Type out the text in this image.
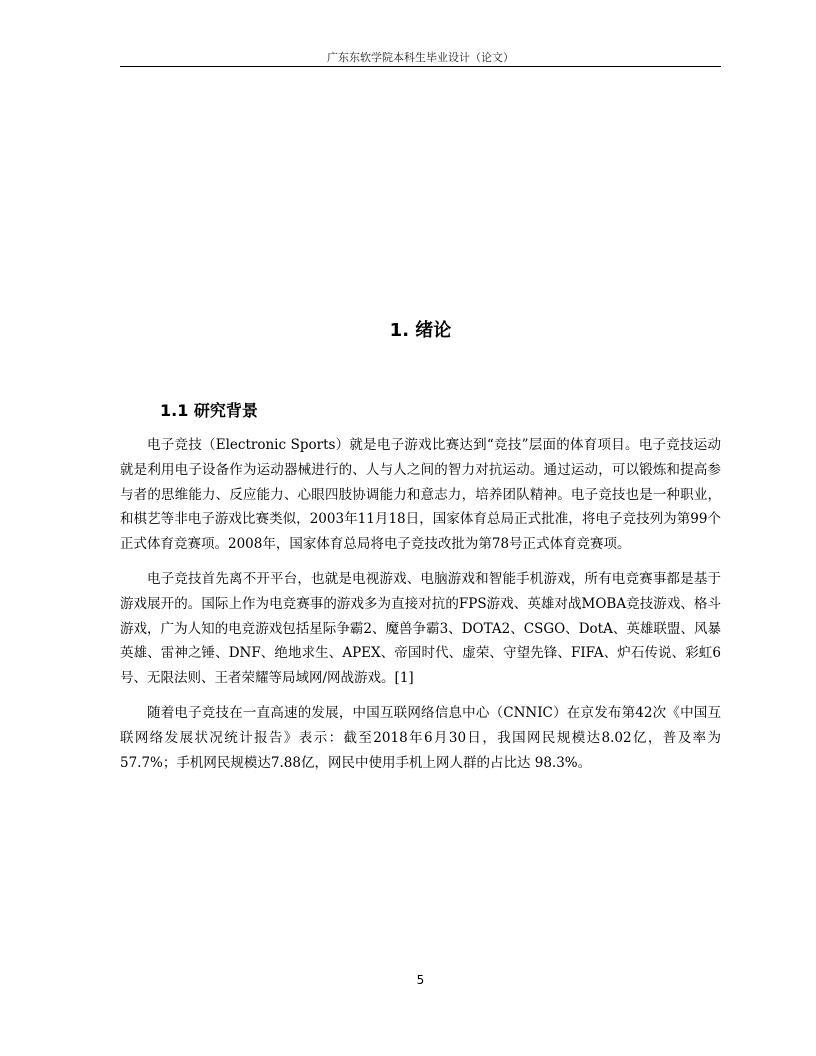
广东东软学院本科生毕业设计（论文）
1. 绪论
1.1 研究背景

电子竞技（Electronic Sports）就是电子游戏比赛达到“竞技”层面的体育项目。电子竞技运动就是利用电子设备作为运动器械进行的、人与人之间的智力对抗运动。通过运动，可以锻炼和提高参与者的思维能力、反应能力、心眼四肢协调能力和意志力，培养团队精神。电子竞技也是一种职业，和棋艺等非电子游戏比赛类似，2003年11月18日，国家体育总局正式批准，将电子竞技列为第99个正式体育竞赛项。2008年，国家体育总局将电子竞技改批为第78号正式体育竞赛项。

电子竞技首先离不开平台，也就是电视游戏、电脑游戏和智能手机游戏，所有电竞赛事都是基于游戏展开的。国际上作为电竞赛事的游戏多为直接对抗的FPS游戏、英雄对战MOBA竞技游戏、格斗游戏，广为人知的电竞游戏包括星际争霸2、魔兽争霸3、DOTA2、CSGO、DotA、英雄联盟、风暴英雄、雷神之锤、DNF、绝地求生、APEX、帝国时代、虚荣、守望先锋、FIFA、炉石传说、彩虹6号、无限法则、王者荣耀等局域网/网战游戏。[1]

随着电子竞技在一直高速的发展，中国互联网络信息中心（CNNIC）在京发布第42次《中国互联网络发展状况统计报告》表示：截至2018年6月30日，我国网民规模达8.02亿，普及率为57.7%；手机网民规模达7.88亿，网民中使用手机上网人群的占比达 98.3%。

5
